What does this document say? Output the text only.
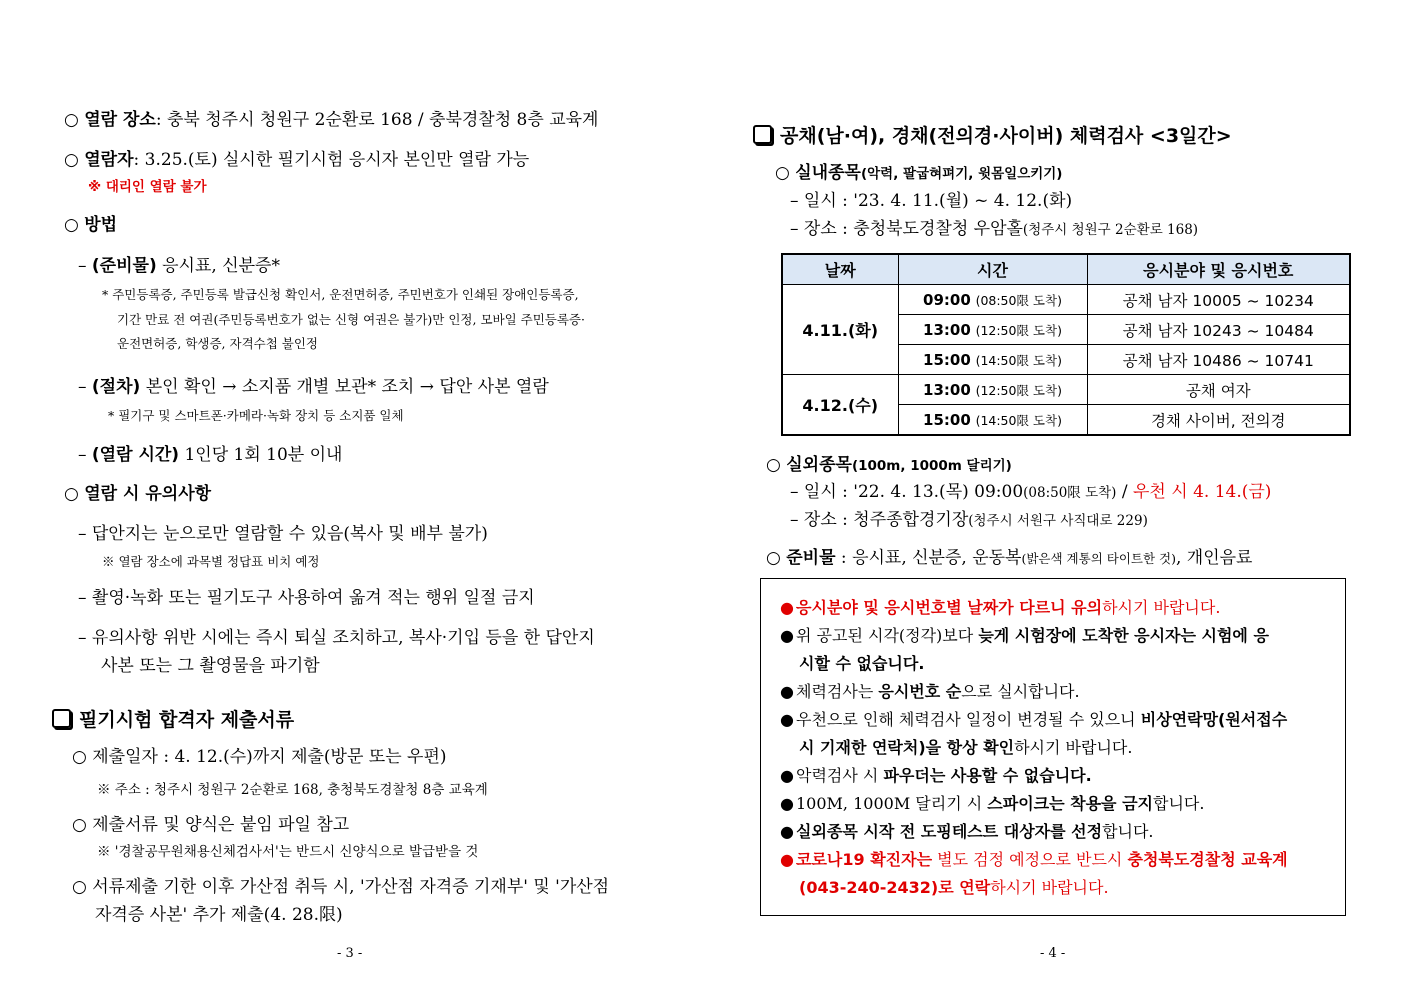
○ 열람 장소: 충북 청주시 청원구 2순환로 168 / 충북경찰청 8층 교육계
○ 열람자: 3.25.(토) 실시한 필기시험 응시자 본인만 열람 가능
※ 대리인 열람 불가
○ 방법
– (준비물) 응시표, 신분증*
* 주민등록증, 주민등록 발급신청 확인서, 운전면허증, 주민번호가 인쇄된 장애인등록증,
기간 만료 전 여권(주민등록번호가 없는 신형 여권은 불가)만 인정, 모바일 주민등록증·
운전면허증, 학생증, 자격수첩 불인정
– (절차) 본인 확인 → 소지품 개별 보관* 조치 → 답안 사본 열람
* 필기구 및 스마트폰·카메라·녹화 장치 등 소지품 일체
– (열람 시간) 1인당 1회 10분 이내
○ 열람 시 유의사항
– 답안지는 눈으로만 열람할 수 있음(복사 및 배부 불가)
※ 열람 장소에 과목별 정답표 비치 예정
– 촬영·녹화 또는 필기도구 사용하여 옮겨 적는 행위 일절 금지
– 유의사항 위반 시에는 즉시 퇴실 조치하고, 복사·기입 등을 한 답안지
사본 또는 그 촬영물을 파기함
필기시험 합격자 제출서류
○ 제출일자 : 4. 12.(수)까지 제출(방문 또는 우편)
※ 주소 : 청주시 청원구 2순환로 168, 충청북도경찰청 8층 교육계
○ 제출서류 및 양식은 붙임 파일 참고
※ '경찰공무원채용신체검사서'는 반드시 신양식으로 발급받을 것
○ 서류제출 기한 이후 가산점 취득 시, '가산점 자격증 기재부' 및 '가산점
자격증 사본' 추가 제출(4. 28.限)
- 3 -
공채(남·여), 경채(전의경·사이버) 체력검사 <3일간>
○ 실내종목(악력, 팔굽혀펴기, 윗몸일으키기)
– 일시 : '23. 4. 11.(월) ~ 4. 12.(화)
– 장소 : 충청북도경찰청 우암홀(청주시 청원구 2순환로 168)
날짜	시간	응시분야 및 응시번호
4.11.(화)	09:00 (08:50限 도착)	공채 남자 10005 ~ 10234
	13:00 (12:50限 도착)	공채 남자 10243 ~ 10484
	15:00 (14:50限 도착)	공채 남자 10486 ~ 10741
4.12.(수)	13:00 (12:50限 도착)	공채 여자
	15:00 (14:50限 도착)	경채 사이버, 전의경
○ 실외종목(100m, 1000m 달리기)
– 일시 : '22. 4. 13.(목) 09:00(08:50限 도착) / 우천 시 4. 14.(금)
– 장소 : 청주종합경기장(청주시 서원구 사직대로 229)
○ 준비물 : 응시표, 신분증, 운동복(밝은색 계통의 타이트한 것), 개인음료
● 응시분야 및 응시번호별 날짜가 다르니 유의하시기 바랍니다.
● 위 공고된 시각(정각)보다 늦게 시험장에 도착한 응시자는 시험에 응
시할 수 없습니다.
● 체력검사는 응시번호 순으로 실시합니다.
● 우천으로 인해 체력검사 일정이 변경될 수 있으니 비상연락망(원서접수
시 기재한 연락처)을 항상 확인하시기 바랍니다.
● 악력검사 시 파우더는 사용할 수 없습니다.
● 100M, 1000M 달리기 시 스파이크는 착용을 금지합니다.
● 실외종목 시작 전 도핑테스트 대상자를 선정합니다.
● 코로나19 확진자는 별도 검정 예정으로 반드시 충청북도경찰청 교육계
(043-240-2432)로 연락하시기 바랍니다.
- 4 -
